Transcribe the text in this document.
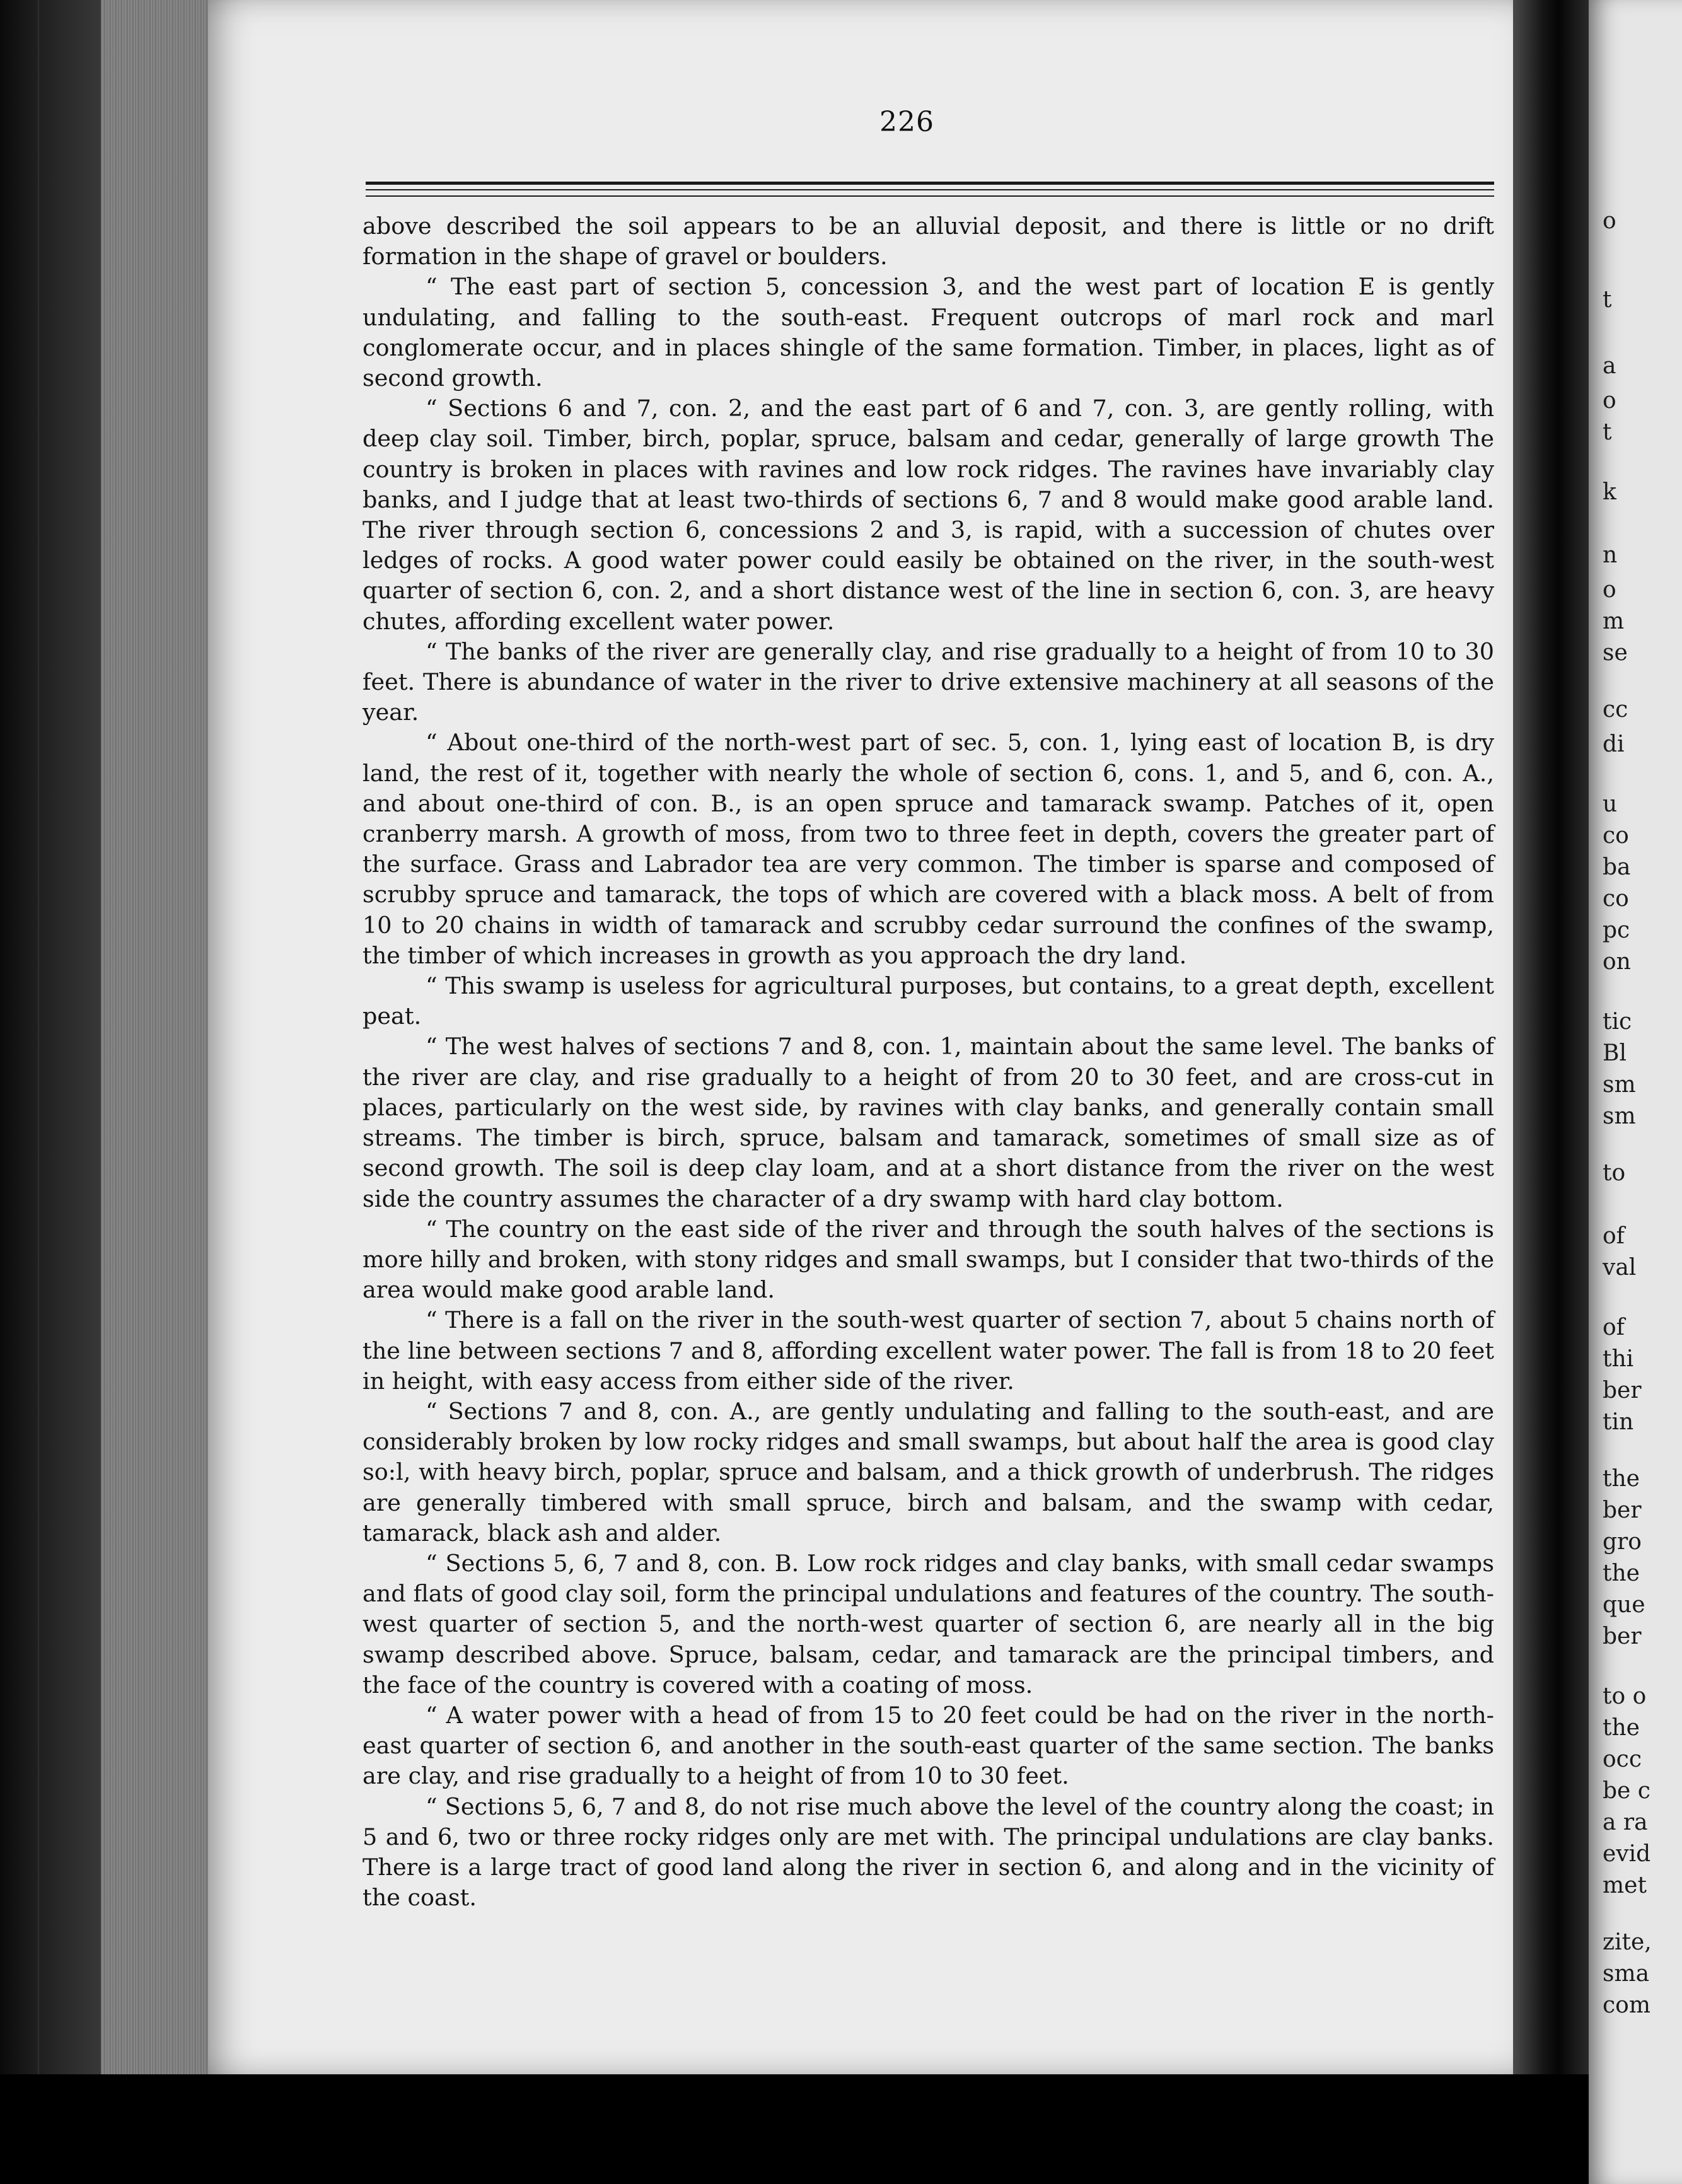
226

above described the soil appears to be an alluvial deposit, and there is little or no drift formation in the shape of gravel or boulders.

“ The east part of section 5, concession 3, and the west part of location E is gently undulating, and falling to the south-east. Frequent outcrops of marl rock and marl conglomerate occur, and in places shingle of the same formation. Timber, in places, light as of second growth.

“ Sections 6 and 7, con. 2, and the east part of 6 and 7, con. 3, are gently rolling, with deep clay soil. Timber, birch, poplar, spruce, balsam and cedar, generally of large growth The country is broken in places with ravines and low rock ridges. The ravines have invariably clay banks, and I judge that at least two-thirds of sections 6, 7 and 8 would make good arable land. The river through section 6, concessions 2 and 3, is rapid, with a succession of chutes over ledges of rocks. A good water power could easily be obtained on the river, in the south-west quarter of section 6, con. 2, and a short distance west of the line in section 6, con. 3, are heavy chutes, affording excellent water power.

“ The banks of the river are generally clay, and rise gradually to a height of from 10 to 30 feet. There is abundance of water in the river to drive extensive machinery at all seasons of the year.

“ About one-third of the north-west part of sec. 5, con. 1, lying east of location B, is dry land, the rest of it, together with nearly the whole of section 6, cons. 1, and 5, and 6, con. A., and about one-third of con. B., is an open spruce and tamarack swamp. Patches of it, open cranberry marsh. A growth of moss, from two to three feet in depth, covers the greater part of the surface. Grass and Labrador tea are very common. The timber is sparse and composed of scrubby spruce and tamarack, the tops of which are covered with a black moss. A belt of from 10 to 20 chains in width of tamarack and scrubby cedar surround the confines of the swamp, the timber of which increases in growth as you approach the dry land.

“ This swamp is useless for agricultural purposes, but contains, to a great depth, excellent peat.

“ The west halves of sections 7 and 8, con. 1, maintain about the same level. The banks of the river are clay, and rise gradually to a height of from 20 to 30 feet, and are cross-cut in places, particularly on the west side, by ravines with clay banks, and generally contain small streams. The timber is birch, spruce, balsam and tamarack, sometimes of small size as of second growth. The soil is deep clay loam, and at a short distance from the river on the west side the country assumes the character of a dry swamp with hard clay bottom.

“ The country on the east side of the river and through the south halves of the sections is more hilly and broken, with stony ridges and small swamps, but I consider that two-thirds of the area would make good arable land.

“ There is a fall on the river in the south-west quarter of section 7, about 5 chains north of the line between sections 7 and 8, affording excellent water power. The fall is from 18 to 20 feet in height, with easy access from either side of the river.

“ Sections 7 and 8, con. A., are gently undulating and falling to the south-east, and are considerably broken by low rocky ridges and small swamps, but about half the area is good clay so:l, with heavy birch, poplar, spruce and balsam, and a thick growth of underbrush. The ridges are generally timbered with small spruce, birch and balsam, and the swamp with cedar, tamarack, black ash and alder.

“ Sections 5, 6, 7 and 8, con. B. Low rock ridges and clay banks, with small cedar swamps and flats of good clay soil, form the principal undulations and features of the country. The south-west quarter of section 5, and the north-west quarter of section 6, are nearly all in the big swamp described above. Spruce, balsam, cedar, and tamarack are the principal timbers, and the face of the country is covered with a coating of moss.

“ A water power with a head of from 15 to 20 feet could be had on the river in the north-east quarter of section 6, and another in the south-east quarter of the same section. The banks are clay, and rise gradually to a height of from 10 to 30 feet.

“ Sections 5, 6, 7 and 8, do not rise much above the level of the country along the coast; in 5 and 6, two or three rocky ridges only are met with. The principal undulations are clay banks. There is a large tract of good land along the river in section 6, and along and in the vicinity of the coast.

o
t
a
o
t
k
n
o
m
se
cc
di
u
co
ba
co
pc
on
tic
Bl
sm
sm
to
of
val
of
thi
ber
tin
the
ber
gro
the
que
ber
to o
the
occ
be c
a ra
evid
met
zite,
sma
com
